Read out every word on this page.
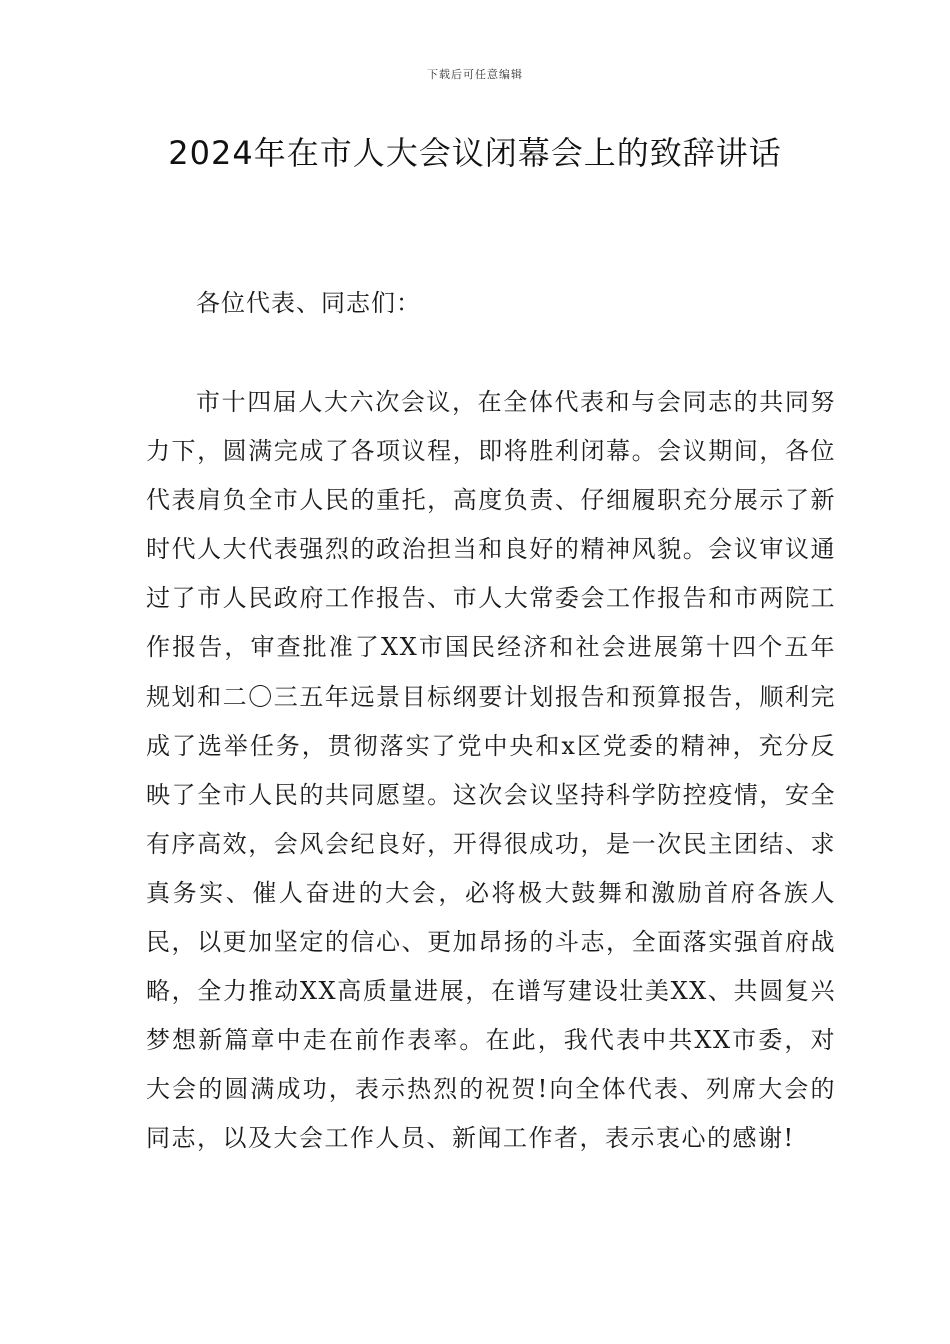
下载后可任意编辑
2024年在市人大会议闭幕会上的致辞讲话

各位代表、同志们：

市十四届人大六次会议，在全体代表和与会同志的共同努力下，圆满完成了各项议程，即将胜利闭幕。会议期间，各位代表肩负全市人民的重托，高度负责、仔细履职充分展示了新时代人大代表强烈的政治担当和良好的精神风貌。会议审议通过了市人民政府工作报告、市人大常委会工作报告和市两院工作报告，审查批准了XX市国民经济和社会进展第十四个五年规划和二〇三五年远景目标纲要计划报告和预算报告，顺利完成了选举任务，贯彻落实了党中央和x区党委的精神，充分反映了全市人民的共同愿望。这次会议坚持科学防控疫情，安全有序高效，会风会纪良好，开得很成功，是一次民主团结、求真务实、催人奋进的大会，必将极大鼓舞和激励首府各族人民，以更加坚定的信心、更加昂扬的斗志，全面落实强首府战略，全力推动XX高质量进展，在谱写建设壮美XX、共圆复兴梦想新篇章中走在前作表率。在此，我代表中共XX市委，对大会的圆满成功，表示热烈的祝贺!向全体代表、列席大会的同志，以及大会工作人员、新闻工作者，表示衷心的感谢!
